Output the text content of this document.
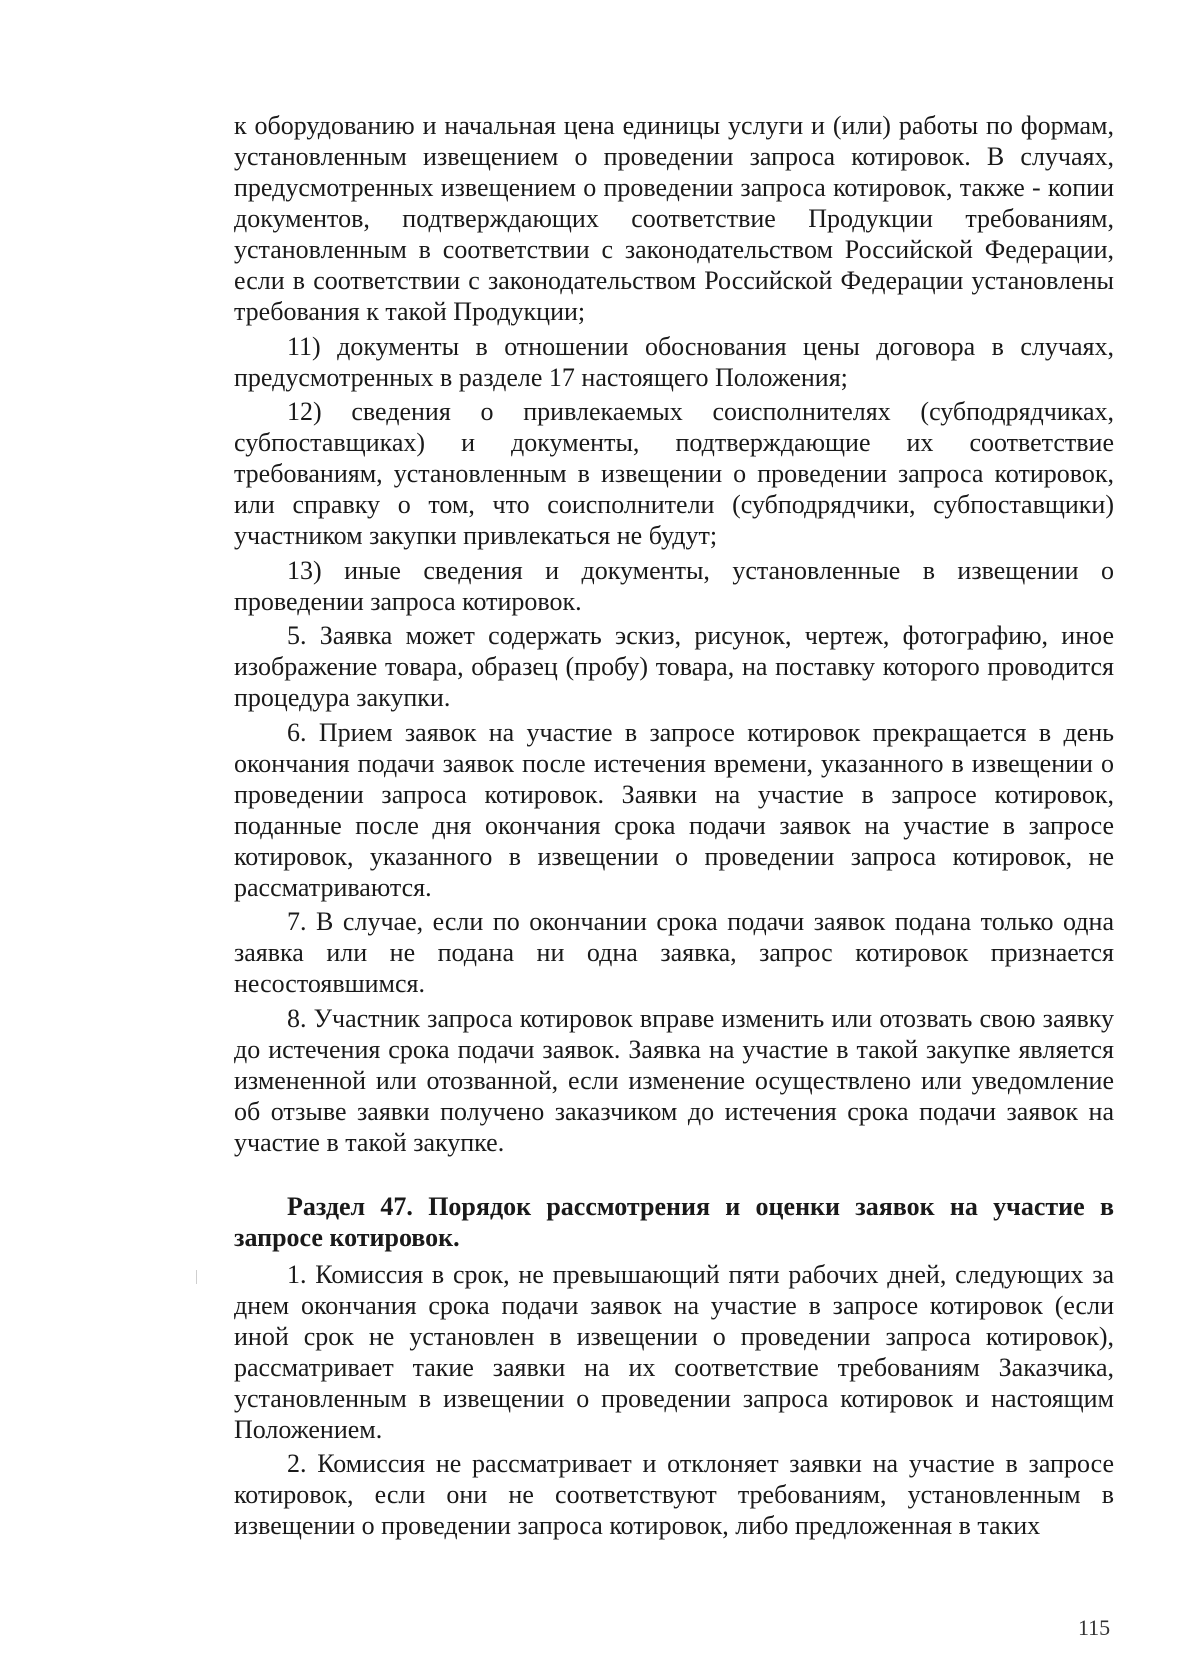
к оборудованию и начальная цена единицы услуги и (или) работы по формам, установленным извещением о проведении запроса котировок. В случаях, предусмотренных извещением о проведении запроса котировок, также - копии документов, подтверждающих соответствие Продукции требованиям, установленным в соответствии с законодательством Российской Федерации, если в соответствии с законодательством Российской Федерации установлены требования к такой Продукции;

11) документы в отношении обоснования цены договора в случаях, предусмотренных в разделе 17 настоящего Положения;

12) сведения о привлекаемых соисполнителях (субподрядчиках, субпоставщиках) и документы, подтверждающие их соответствие требованиям, установленным в извещении о проведении запроса котировок, или справку о том, что соисполнители (субподрядчики, субпоставщики) участником закупки привлекаться не будут;

13) иные сведения и документы, установленные в извещении о проведении запроса котировок.

5. Заявка может содержать эскиз, рисунок, чертеж, фотографию, иное изображение товара, образец (пробу) товара, на поставку которого проводится процедура закупки.

6. Прием заявок на участие в запросе котировок прекращается в день окончания подачи заявок после истечения времени, указанного в извещении о проведении запроса котировок. Заявки на участие в запросе котировок, поданные после дня окончания срока подачи заявок на участие в запросе котировок, указанного в извещении о проведении запроса котировок, не рассматриваются.

7. В случае, если по окончании срока подачи заявок подана только одна заявка или не подана ни одна заявка, запрос котировок признается несостоявшимся.

8. Участник запроса котировок вправе изменить или отозвать свою заявку до истечения срока подачи заявок. Заявка на участие в такой закупке является измененной или отозванной, если изменение осуществлено или уведомление об отзыве заявки получено заказчиком до истечения срока подачи заявок на участие в такой закупке.

Раздел 47. Порядок рассмотрения и оценки заявок на участие в запросе котировок.

1. Комиссия в срок, не превышающий пяти рабочих дней, следующих за днем окончания срока подачи заявок на участие в запросе котировок (если иной срок не установлен в извещении о проведении запроса котировок), рассматривает такие заявки на их соответствие требованиям Заказчика, установленным в извещении о проведении запроса котировок и настоящим Положением.

2. Комиссия не рассматривает и отклоняет заявки на участие в запросе котировок, если они не соответствуют требованиям, установленным в извещении о проведении запроса котировок, либо предложенная в таких

115
